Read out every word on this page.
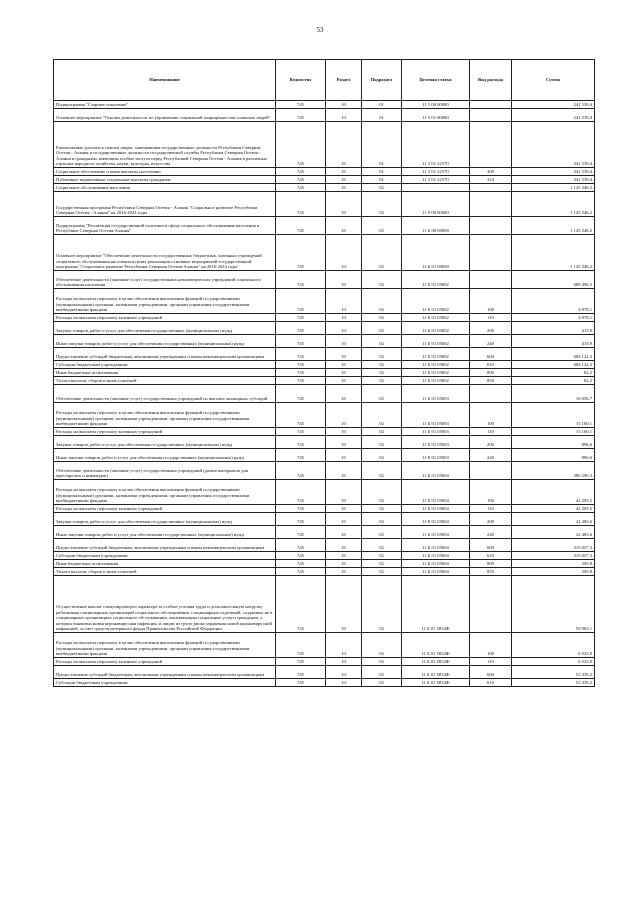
53
Наименование	Ведомство	Раздел	Подраздел	Целевая статья	Вид расхода	Сумма
Подпрограмма "Старшее поколение"	745	10	01	11 5 00 00000		241 539,4
Основное мероприятие "Основы деятельности по управлению социальной защищенностью пожилых людей"	745	10	01	11 5 01 00000		241 539,4
Ежемесячные доплаты к пенсии лицам, замещавшим государственные должности Республики Северная Осетия - Алания и государственные должности государственной службы Республики Северная Осетия - Алания и гражданам, имеющим особые заслуги перед Республикой Северная Осетия - Алания в различных отраслях народного хозяйства, науки, культуры, искусства	745	10	01	11 5 01 22570		241 539,4
Социальное обеспечение и иные выплаты населению	745	10	01	11 5 01 22570	300	241 539,4
Публичные нормативные социальные выплаты гражданам	745	10	01	11 5 01 22570	310	241 539,4
Социальное обслуживание населения	745	10	02			1 145 346,2
Государственная программа Республики Северная Осетия - Алания "Социальное развитие Республики Северная Осетия - Алания" на 2016-2024 годы	745	10	02	11 0 00 00000		1 145 346,2
Подпрограмма "Реализация государственной политики в сфере социального обслуживания населения в Республике Северная Осетия-Алания"	745	10	02	11 Б 00 00000		1 145 346,2
Основное мероприятие "Обеспечение деятельности государственных бюджетных, казенных учреждений социального обслуживания населения в целях реализации основных мероприятий государственной программы "Социальное развитие Республики Северная Осетия-Алания" на 2016-2024 годы"	745	10	02	11 Б 01 00000		1 145 346,2
Обеспечение деятельности (оказание услуг) государственных некоммерческих учреждений социального обслуживания населения	745	10	02	11 Б 01 05002		689 496,5
Расходы на выплаты персоналу в целях обеспечения выполнения функций государственными (муниципальными) органами, казенными учреждениями, органами управления государственными внебюджетными фондами	745	10	02	11 Б 01 05002	100	4 878,1
Расходы на выплаты персоналу казенных учреждений	745	10	02	11 Б 01 05002	110	4 878,1
Закупка товаров, работ и услуг для обеспечения государственных (муниципальных) нужд	745	10	02	11 Б 01 05002	200	413,9
Иные закупки товаров, работ и услуг для обеспечения государственных (муниципальных) нужд	745	10	02	11 Б 01 05002	240	413,9
Предоставление субсидий бюджетным, автономным учреждениям и иным некоммерческим организациям	745	10	02	11 Б 01 05002	600	684 122,3
Субсидии бюджетным учреждениям	745	10	02	11 Б 01 05002	610	684 122,3
Иные бюджетные ассигнования	745	10	02	11 Б 01 05002	800	82,2
Уплата налогов, сборов и иных платежей	745	10	02	11 Б 01 05002	850	82,2
Обеспечение деятельности (оказание услуг) государственных учреждений по выплате жилищных субсидий	745	10	02	11 Б 01 05003		16 056,7
Расходы на выплаты персоналу в целях обеспечения выполнения функций государственными (муниципальными) органами, казенными учреждениями, органами управления государственными внебюджетными фондами	745	10	02	11 Б 01 05003	100	15 160,1
Расходы на выплаты персоналу казенных учреждений	745	10	02	11 Б 01 05003	110	15 160,1
Закупка товаров, работ и услуг для обеспечения государственных (муниципальных) нужд	745	10	02	11 Б 01 05003	200	896,6
Иные закупки товаров, работ и услуг для обеспечения государственных (муниципальных) нужд	745	10	02	11 Б 01 05003	240	896,6
Обеспечение деятельности (оказание услуг) государственных учреждений (домов-интернатов для престарелых и инвалидов)	745	10	02	11 Б 01 05004		380 290,3
Расходы на выплаты персоналу в целях обеспечения выполнения функций государственными (муниципальными) органами, казенными учреждениями, органами управления государственными внебюджетными фондами	745	10	02	11 Б 01 05004	100	42 203,5
Расходы на выплаты персоналу казенных учреждений	745	10	02	11 Б 01 05004	110	42 203,5
Закупка товаров, работ и услуг для обеспечения государственных (муниципальных) нужд	745	10	02	11 Б 01 05004	200	22 483,6
Иные закупки товаров, работ и услуг для обеспечения государственных (муниципальных) нужд	745	10	02	11 Б 01 05004	240	22 483,6
Предоставление субсидий бюджетным, автономным учреждениям и иным некоммерческим организациям	745	10	02	11 Б 01 05004	600	315 057,3
Субсидии бюджетным учреждениям	745	10	02	11 Б 01 05004	610	315 057,3
Иные бюджетные ассигнования	745	10	02	11 Б 01 05004	800	505,8
Уплата налогов, сборов и иных платежей	745	10	02	11 Б 01 05004	850	505,8
Осуществление выплат стимулирующего характера за особые условия труда и дополнительную нагрузку работникам стационарных организаций социального обслуживания, стационарных отделений, созданных не в стационарных организациях социального обслуживания, оказывающим социальные услуги гражданам, у которых выявлена новая коронавирусная инфекция, и лицам из групп риска заражения новой коронавирусной инфекцией, за счет средств резервного фонда Правительства Российской Федерации	745	10	02	11 Б 01 5834Ф		59 963,1
Расходы на выплаты персоналу в целях обеспечения выполнения функций государственными (муниципальными) органами, казенными учреждениями, органами управления государственными внебюджетными фондами	745	10	02	11 Б 01 5834Ф	100	6 523,9
Расходы на выплаты персоналу казенных учреждений	745	10	02	11 Б 01 5834Ф	110	6 523,9
Предоставление субсидий бюджетным, автономным учреждениям и иным некоммерческим организациям	745	10	02	11 Б 01 5834Ф	600	53 439,2
Субсидии бюджетным учреждениям	745	10	02	11 Б 01 5834Ф	610	53 439,2
